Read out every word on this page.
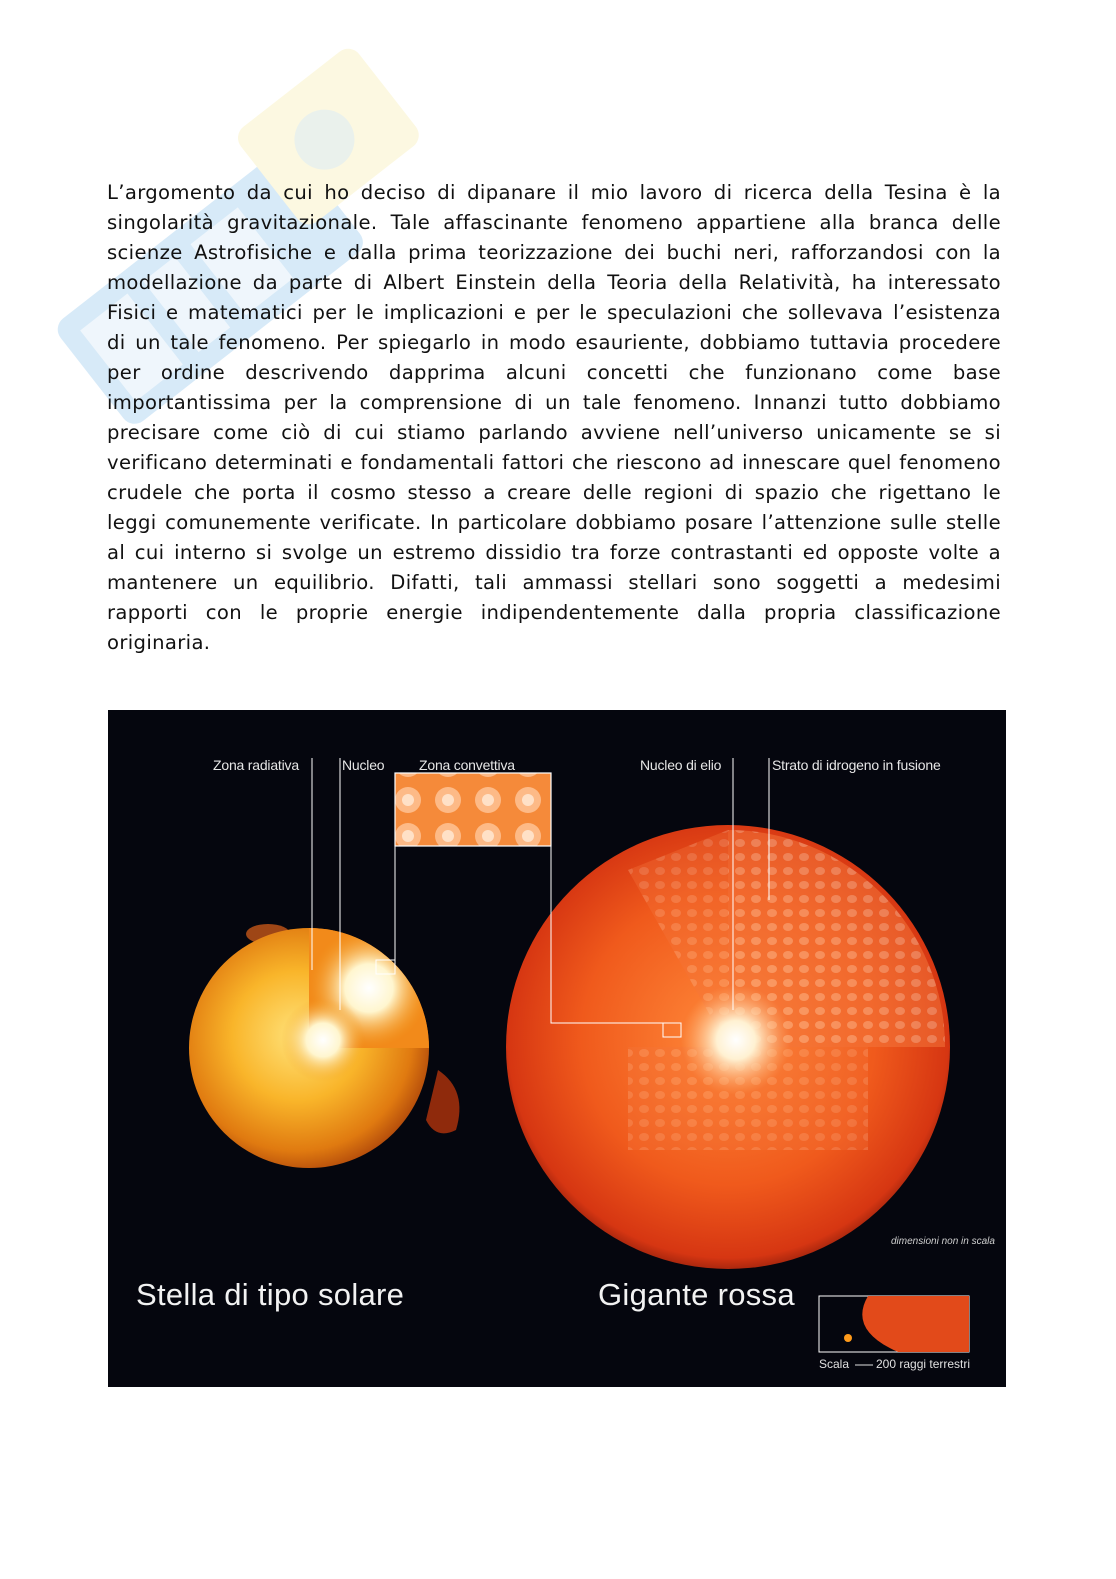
L’argomento da cui ho deciso di dipanare il mio lavoro di ricerca della Tesina è la singolarità gravitazionale. Tale affascinante fenomeno appartiene alla branca delle scienze Astrofisiche e dalla prima teorizzazione dei buchi neri, rafforzandosi con la modellazione da parte di Albert Einstein della Teoria della Relatività, ha interessato Fisici e matematici per le implicazioni e per le speculazioni che sollevava l’esistenza di un tale fenomeno. Per spiegarlo in modo esauriente, dobbiamo tuttavia procedere per ordine descrivendo dapprima alcuni concetti che funzionano come base importantissima per la comprensione di un tale fenomeno. Innanzi tutto dobbiamo precisare come ciò di cui stiamo parlando avviene nell’universo unicamente se si verificano determinati e fondamentali fattori che riescono ad innescare quel fenomeno crudele che porta il cosmo stesso a creare delle regioni di spazio che rigettano le leggi comunemente verificate. In particolare dobbiamo posare l’attenzione sulle stelle al cui interno si svolge un estremo dissidio tra forze contrastanti ed opposte volte a mantenere un equilibrio. Difatti, tali ammassi stellari sono soggetti a medesimi rapporti con le proprie energie indipendentemente dalla propria classificazione originaria.

Zona radiativa	Nucleo Zona convettiva	Nucleo di elio	Strato di idrogeno in fusione
dimensioni non in scala
Stella di tipo solare	Gigante rossa
Scala 200 raggi terrestri
